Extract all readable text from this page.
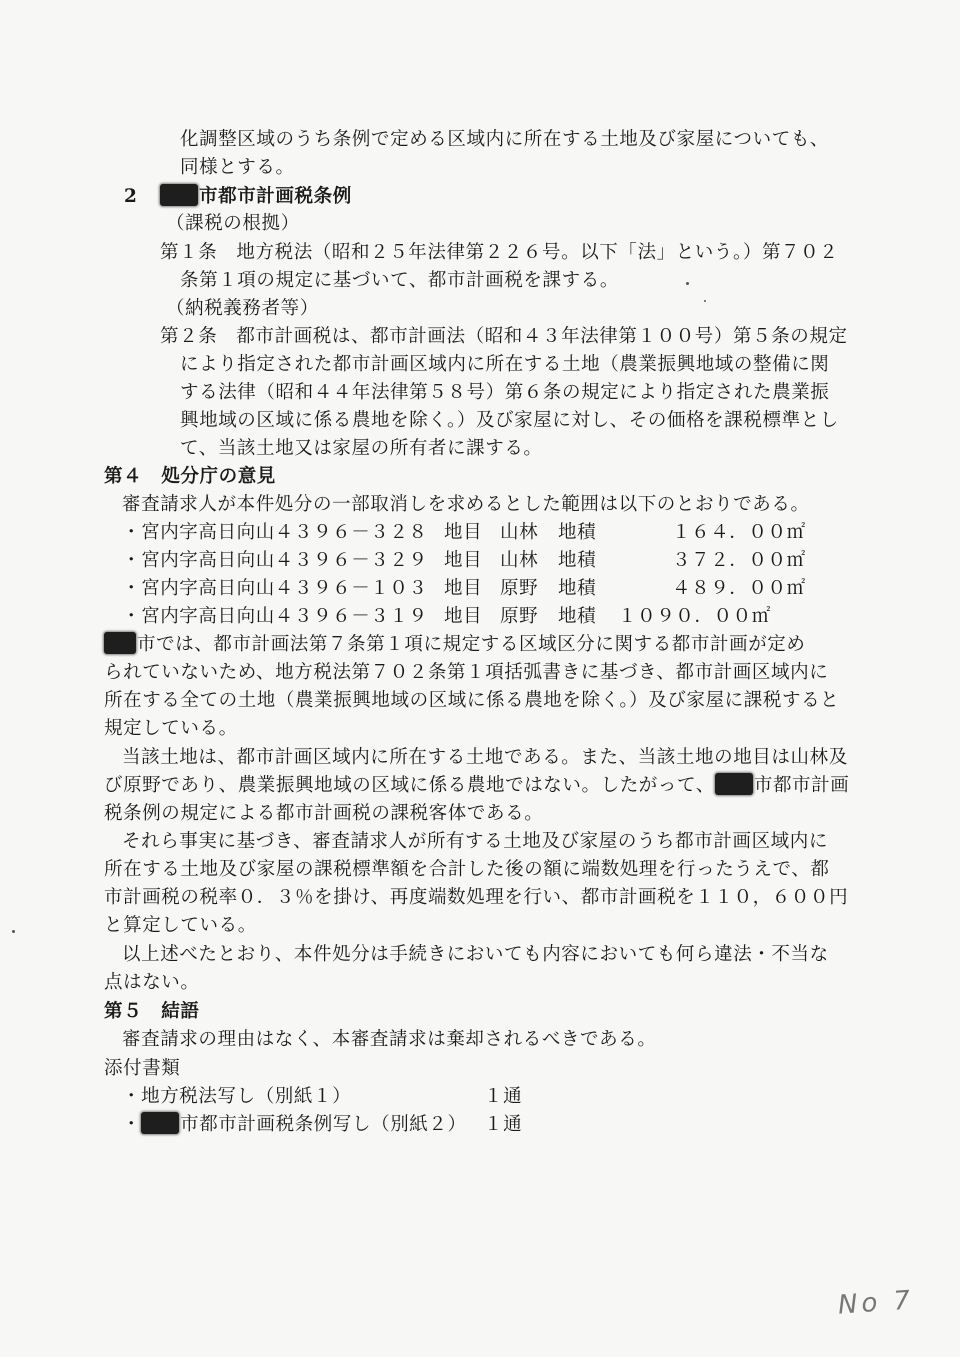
化調整区域のうち条例で定める区域内に所在する土地及び家屋についても、
同様とする。
2	市都市計画税条例
（課税の根拠）
第１条　地方税法（昭和２５年法律第２２６号。以下「法」という。）第７０２
条第１項の規定に基づいて、都市計画税を課する。
（納税義務者等）
第２条　都市計画税は、都市計画法（昭和４３年法律第１００号）第５条の規定
により指定された都市計画区域内に所在する土地（農業振興地域の整備に関
する法律（昭和４４年法律第５８号）第６条の規定により指定された農業振
興地域の区域に係る農地を除く。）及び家屋に対し、その価格を課税標準とし
て、当該土地又は家屋の所有者に課する。
第４　処分庁の意見
審査請求人が本件処分の一部取消しを求めるとした範囲は以下のとおりである。
・宮内字高日向山４３９６－３２８ 地目 山林 地積	１６４．００㎡
・宮内字高日向山４３９６－３２９ 地目 山林 地積	３７２．００㎡
・宮内字高日向山４３９６－１０３ 地目 原野 地積	４８９．００㎡
・宮内字高日向山４３９６－３１９ 地目 原野 地積 １０９０．００㎡
市では、都市計画法第７条第１項に規定する区域区分に関する都市計画が定め
られていないため、地方税法第７０２条第１項括弧書きに基づき、都市計画区域内に
所在する全ての土地（農業振興地域の区域に係る農地を除く。）及び家屋に課税すると
規定している。
当該土地は、都市計画区域内に所在する土地である。また、当該土地の地目は山林及
び原野であり、農業振興地域の区域に係る農地ではない。したがって、 市都市計画
税条例の規定による都市計画税の課税客体である。
それら事実に基づき、審査請求人が所有する土地及び家屋のうち都市計画区域内に
所在する土地及び家屋の課税標準額を合計した後の額に端数処理を行ったうえで、都
市計画税の税率０．３％を掛け、再度端数処理を行い、都市計画税を１１０，６００円
と算定している。
以上述べたとおり、本件処分は手続きにおいても内容においても何ら違法・不当な
点はない。
第５　結語
審査請求の理由はなく、本審査請求は棄却されるべきである。
添付書類
・地方税法写し（別紙１）	１通
・ 市都市計画税条例写し（別紙２） １通
No 7
